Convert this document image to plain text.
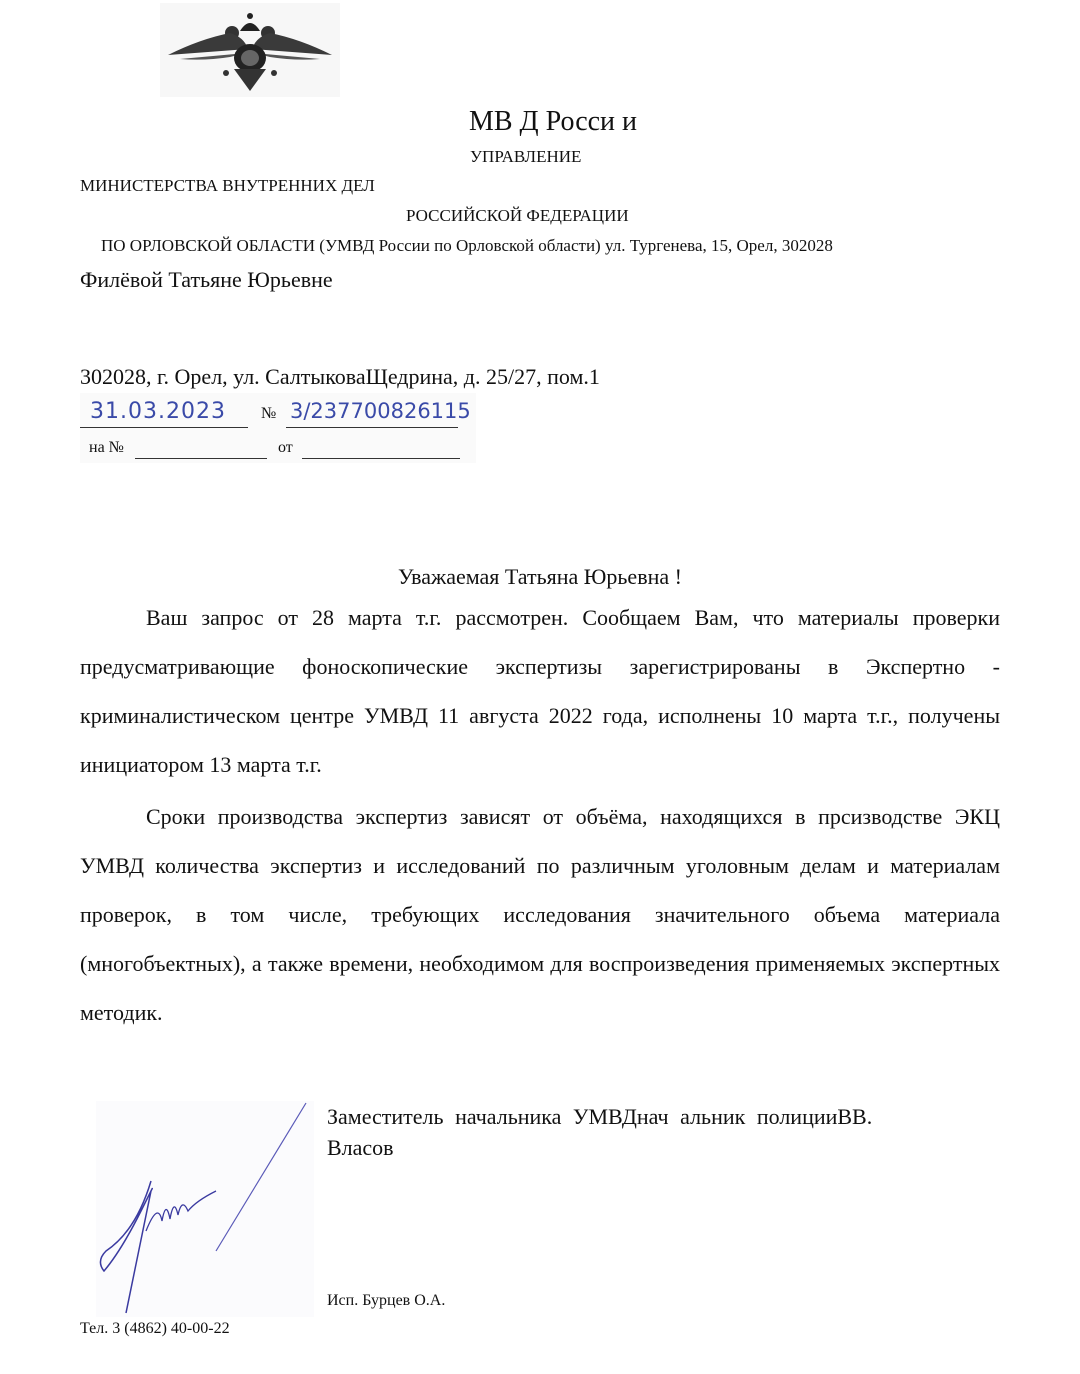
МВ Д Росси и
УПРАВЛЕНИЕ
МИНИСТЕРСТВА ВНУТРЕННИХ ДЕЛ
РОССИЙСКОЙ ФЕДЕРАЦИИ
ПО ОРЛОВСКОЙ ОБЛАСТИ (УМВД России по Орловской области) ул. Тургенева, 15, Орел, 302028
Филёвой Татьяне Юрьевне
302028, г. Орел, ул. СалтыковаЩедрина, д. 25/27, пом.1
31.03.2023 № 3/237700826115
на №	от
Уважаемая Татьяна Юрьевна !

Ваш запрос от 28 марта т.г. рассмотрен. Сообщаем Вам, что материалы проверки предусматривающие фоноскопические экспертизы зарегистрированы в Экспертно - криминалистическом центре УМВД 11 августа 2022 года, исполнены 10 марта т.г., получены инициатором 13 марта т.г.

Сроки производства экспертиз зависят от объёма, находящихся в прсизводстве ЭКЦ УМВД количества экспертиз и исследований по различным уголовным делам и материалам проверок, в том числе, требующих исследования значительного объема материала (многобъектных), а также времени, необходимом для воспроизведения применяемых экспертных методик.

Заместитель начальника УМВДнач альник полицииВВ.
Власов
Исп. Бурцев О.А.
Тел. 3 (4862) 40-00-22
